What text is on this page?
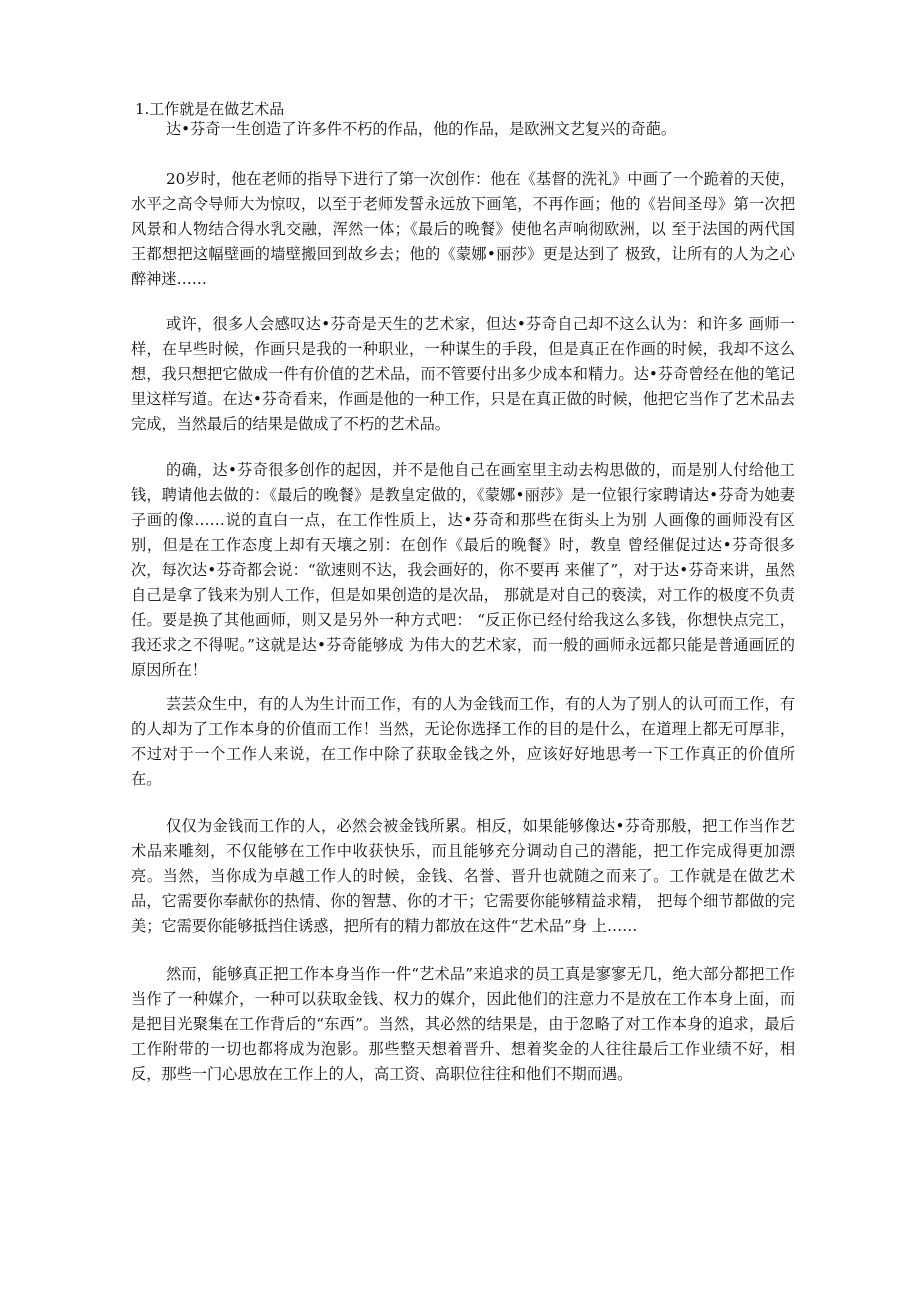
1.工作就是在做艺术品

达•芬奇一生创造了许多件不朽的作品，他的作品，是欧洲文艺复兴的奇葩。

20岁时，他在老师的指导下进行了第一次创作：他在《基督的洗礼》中画了一个跪着的天使，水平之高令导师大为惊叹，以至于老师发誓永远放下画笔，不再作画；他的《岩间圣母》第一次把风景和人物结合得水乳交融，浑然一体；《最后的晚餐》使他名声响彻欧洲，以 至于法国的两代国王都想把这幅壁画的墙壁搬回到故乡去；他的《蒙娜•丽莎》更是达到了 极致，让所有的人为之心醉神迷……

或许，很多人会感叹达•芬奇是天生的艺术家，但达•芬奇自己却不这么认为：和许多 画师一样，在早些时候，作画只是我的一种职业，一种谋生的手段，但是真正在作画的时候，我却不这么想，我只想把它做成一件有价值的艺术品，而不管要付出多少成本和精力。达•芬奇曾经在他的笔记里这样写道。在达•芬奇看来，作画是他的一种工作，只是在真正做的时候，他把它当作了艺术品去完成，当然最后的结果是做成了不朽的艺术品。

的确，达•芬奇很多创作的起因，并不是他自己在画室里主动去构思做的，而是别人付给他工钱，聘请他去做的：《最后的晚餐》是教皇定做的，《蒙娜•丽莎》是一位银行家聘请达•芬奇为她妻子画的像……说的直白一点，在工作性质上，达•芬奇和那些在街头上为别 人画像的画师没有区别，但是在工作态度上却有天壤之别：在创作《最后的晚餐》时，教皇 曾经催促过达•芬奇很多次，每次达•芬奇都会说：“欲速则不达，我会画好的，你不要再 来催了”，对于达•芬奇来讲，虽然自己是拿了钱来为别人工作，但是如果创造的是次品， 那就是对自己的亵渎，对工作的极度不负责任。要是换了其他画师，则又是另外一种方式吧： “反正你已经付给我这么多钱，你想快点完工，我还求之不得呢。”这就是达•芬奇能够成 为伟大的艺术家，而一般的画师永远都只能是普通画匠的原因所在！

芸芸众生中，有的人为生计而工作，有的人为金钱而工作，有的人为了别人的认可而工作，有的人却为了工作本身的价值而工作！当然，无论你选择工作的目的是什么，在道理上都无可厚非，不过对于一个工作人来说，在工作中除了获取金钱之外，应该好好地思考一下工作真正的价值所在。

仅仅为金钱而工作的人，必然会被金钱所累。相反，如果能够像达•芬奇那般，把工作当作艺术品来雕刻，不仅能够在工作中收获快乐，而且能够充分调动自己的潜能，把工作完成得更加漂亮。当然，当你成为卓越工作人的时候，金钱、名誉、晋升也就随之而来了。工作就是在做艺术品，它需要你奉献你的热情、你的智慧、你的才干；它需要你能够精益求精， 把每个细节都做的完美；它需要你能够抵挡住诱惑，把所有的精力都放在这件“艺术品”身 上……

然而，能够真正把工作本身当作一件“艺术品”来追求的员工真是寥寥无几，绝大部分都把工作当作了一种媒介，一种可以获取金钱、权力的媒介，因此他们的注意力不是放在工作本身上面，而是把目光聚集在工作背后的“东西”。当然，其必然的结果是，由于忽略了对工作本身的追求，最后工作附带的一切也都将成为泡影。那些整天想着晋升、想着奖金的人往往最后工作业绩不好，相反，那些一门心思放在工作上的人，高工资、高职位往往和他们不期而遇。
